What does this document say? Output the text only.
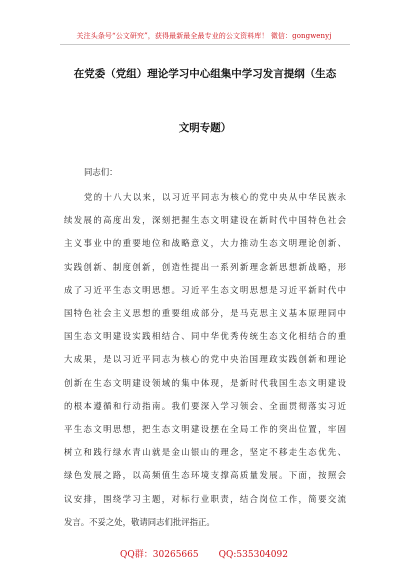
关注头条号“公文研究”，获得最新最全最专业的公文资料库！ 微信：gongwenyj
在党委（党组）理论学习中心组集中学习发言提纲（生态
文明专题）
同志们：
党的十八大以来，以习近平同志为核心的党中央从中华民族永
续发展的高度出发，深刻把握生态文明建设在新时代中国特色社会
主义事业中的重要地位和战略意义，大力推动生态文明理论创新、
实践创新、制度创新，创造性提出一系列新理念新思想新战略，形
成了习近平生态文明思想。习近平生态文明思想是习近平新时代中
国特色社会主义思想的重要组成部分，是马克思主义基本原理同中
国生态文明建设实践相结合、同中华优秀传统生态文化相结合的重
大成果，是以习近平同志为核心的党中央治国理政实践创新和理论
创新在生态文明建设领域的集中体现，是新时代我国生态文明建设
的根本遵循和行动指南。我们要深入学习领会、全面贯彻落实习近
平生态文明思想，把生态文明建设摆在全局工作的突出位置，牢固
树立和践行绿水青山就是金山银山的理念，坚定不移走生态优先、
绿色发展之路，以高频值生态环境支撑高质量发展。下面，按照会
议安排，围绕学习主题，对标行业职责，结合岗位工作，简要交流
发言。不妥之处，敬请同志们批评指正。
QQ群：30265665 QQ:535304092
